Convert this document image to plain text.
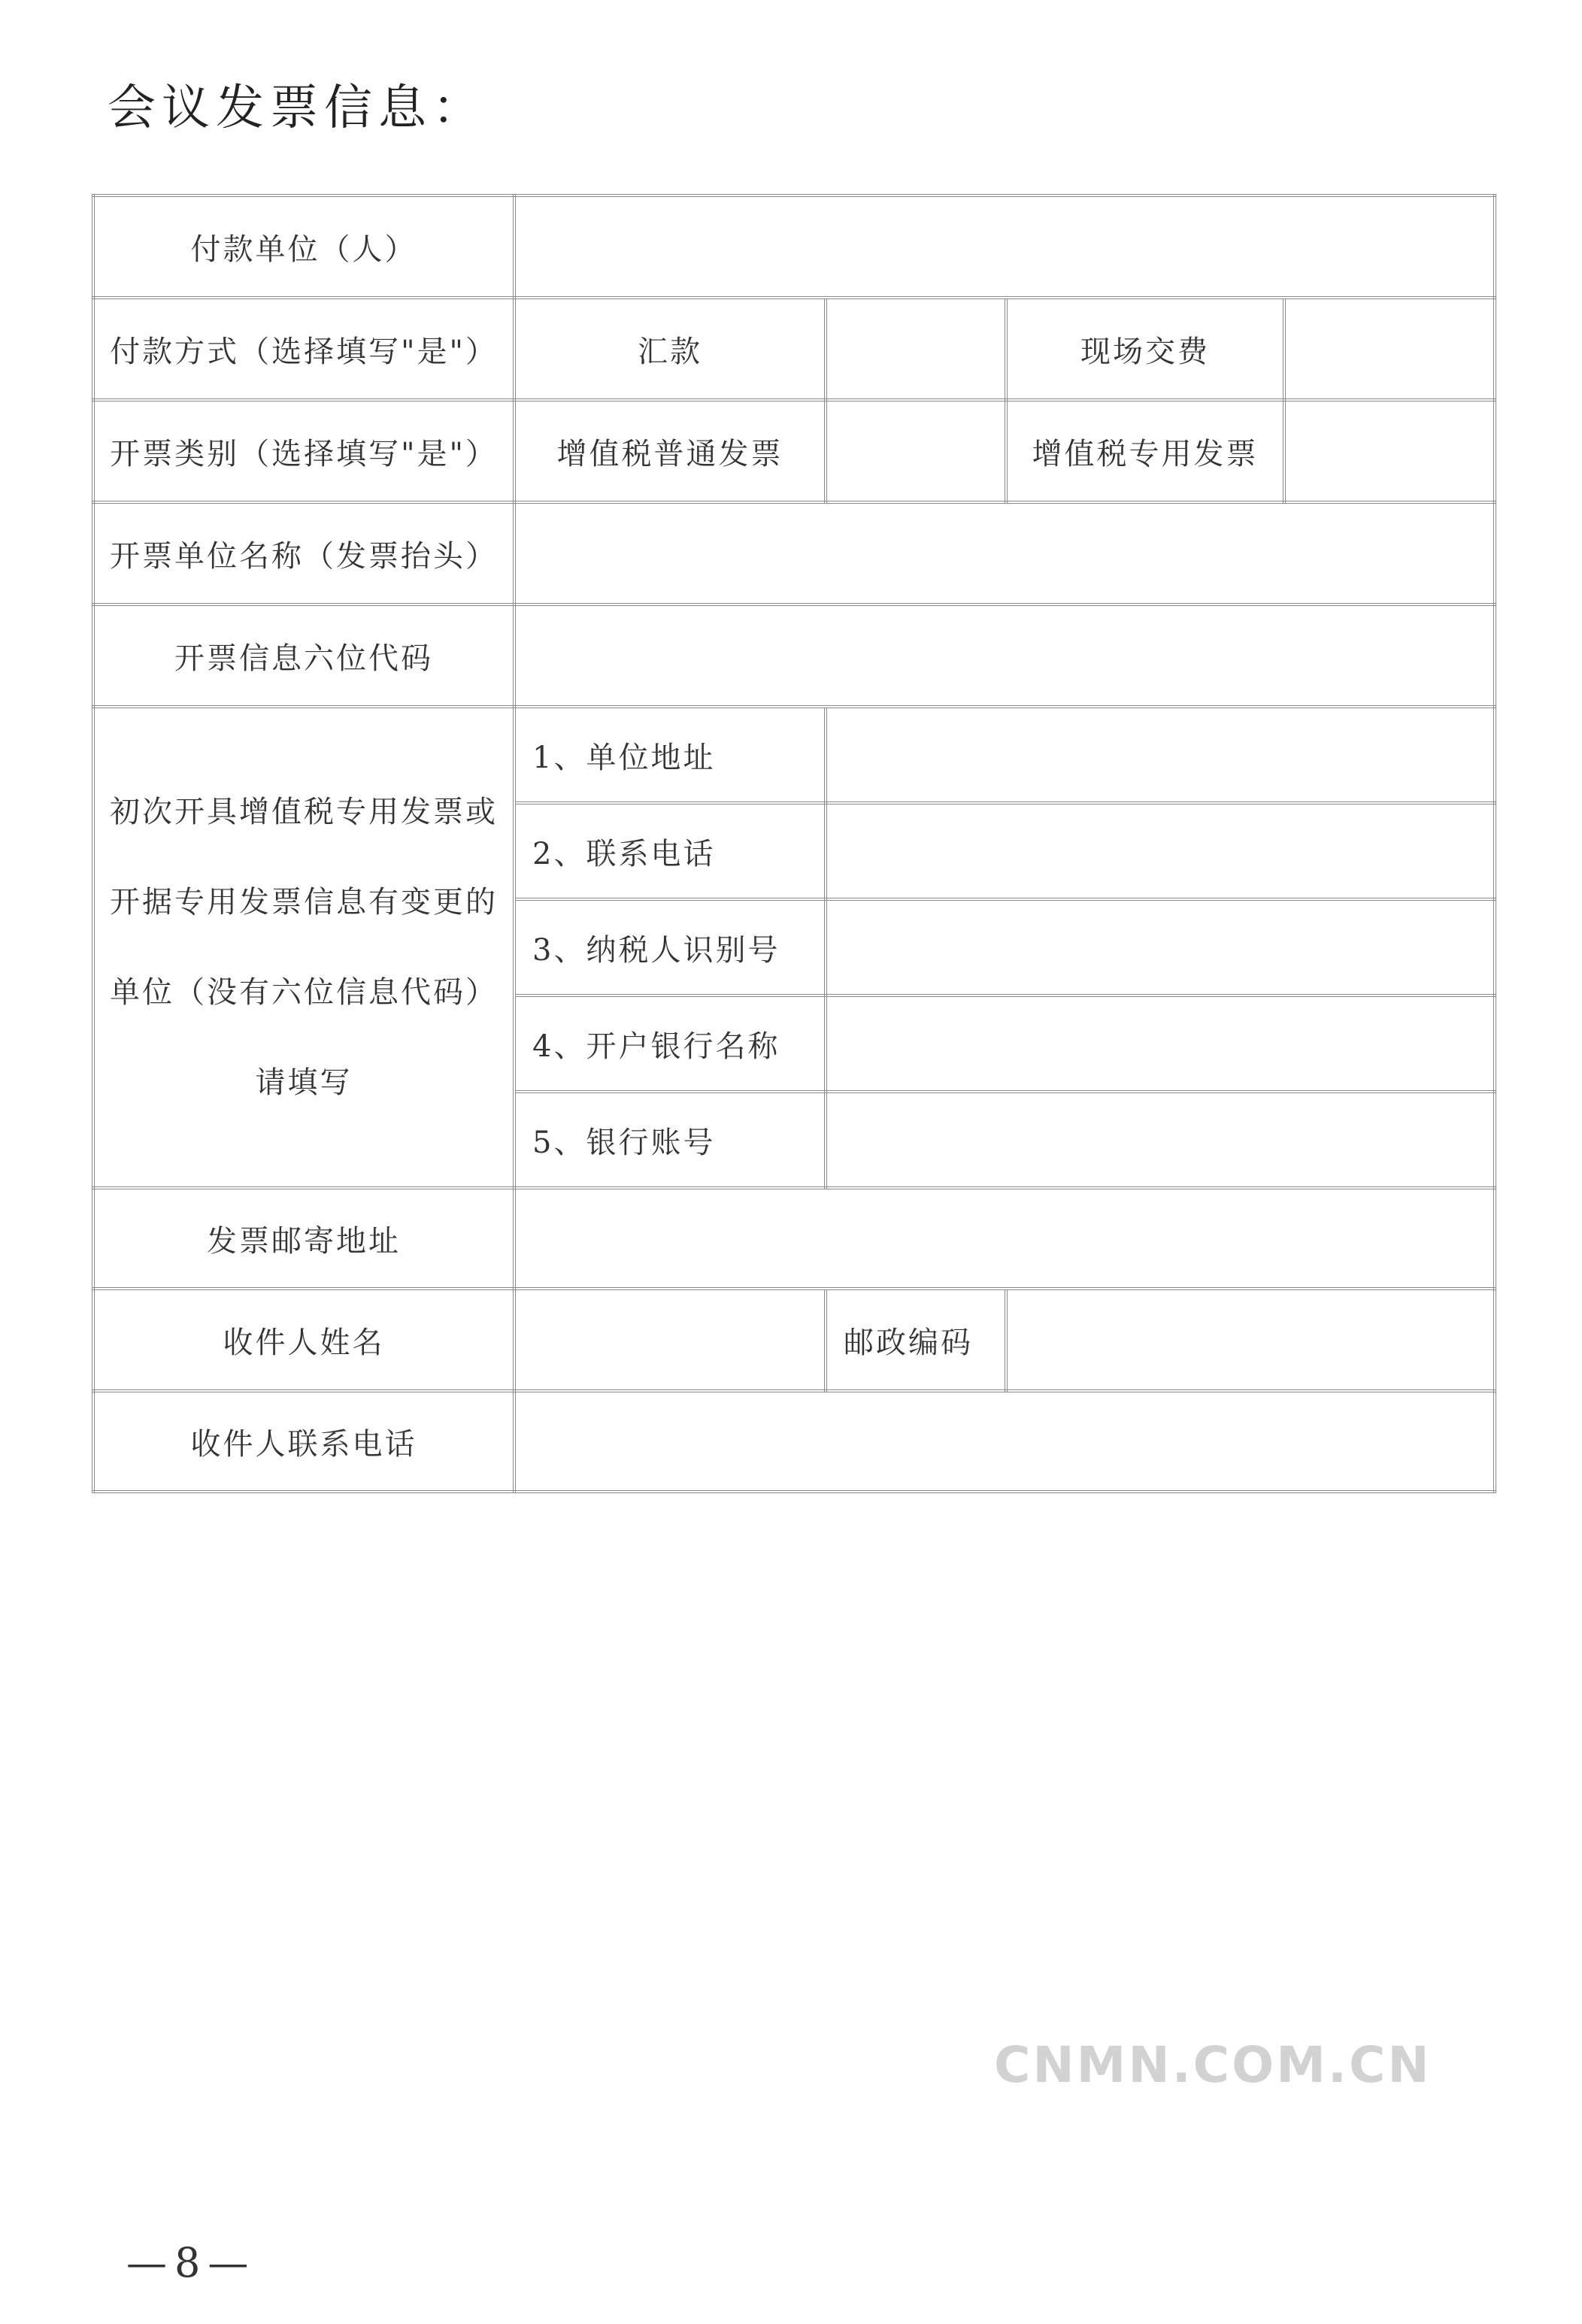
会议发票信息：
付款单位（人）				
付款方式（选择填写"是"）	汇款		现场交费	
开票类别（选择填写"是"）	增值税普通发票		增值税专用发票	
开票单位名称（发票抬头）				
开票信息六位代码				
初次开具增值税专用发票或开据专用发票信息有变更的单位（没有六位信息代码）请填写	1、单位地址			
	2、联系电话			
	3、纳税人识别号			
	4、开户银行名称			
	5、银行账号			
发票邮寄地址				
收件人姓名		邮政编码		
收件人联系电话				
CNMN.COM.CN
—8—
